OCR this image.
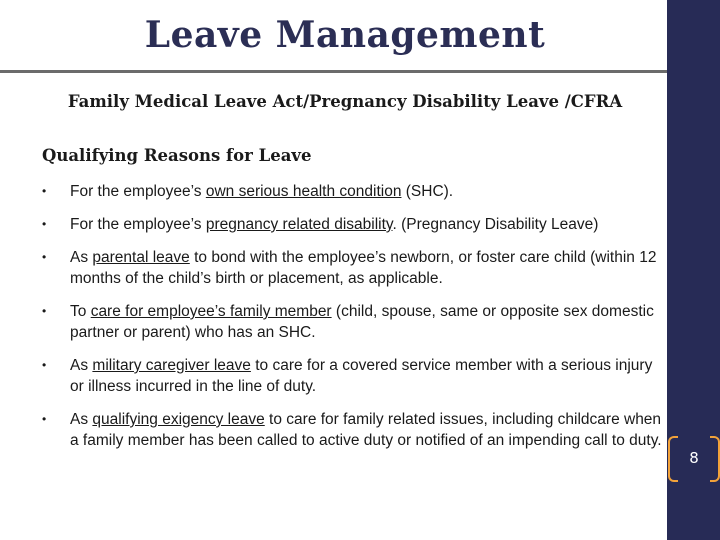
Leave Management
8
Family Medical Leave Act/Pregnancy Disability Leave /CFRA
Qualifying Reasons for Leave
• For the employee’s own serious health condition (SHC).
• For the employee’s pregnancy related disability. (Pregnancy Disability Leave)
• As parental leave to bond with the employee’s newborn, or foster care child (within 12 months of the child’s birth or placement, as applicable.
• To care for employee’s family member (child, spouse, same or opposite sex domestic partner or parent) who has an SHC.
• As military caregiver leave to care for a covered service member with a serious injury or illness incurred in the line of duty.
• As qualifying exigency leave to care for family related issues, including childcare when a family member has been called to active duty or notified of an impending call to duty.
